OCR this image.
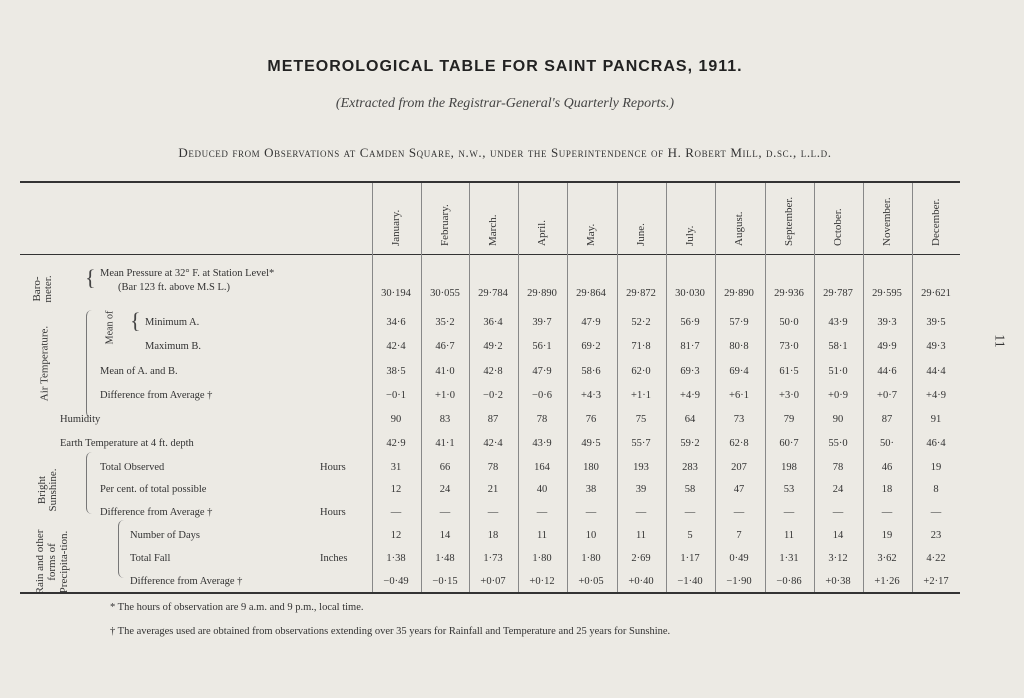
METEOROLOGICAL TABLE FOR SAINT PANCRAS, 1911.
(Extracted from the Registrar-General's Quarterly Reports.)
Deduced from Observations at Camden Square, n.w., under the Superintendence of H. Robert Mill, d.sc., l.l.d.
11
January.	February.	March.	April.	May.	June.	July.	August.	September.	October.	November.	December.
Baro-meter.
Air Temperature.	Mean of
Bright Sunshine.
Rain and other forms of Precipita-tion.
{
{
Mean Pressure at 32° F. at Station Level*
(Bar 123 ft. above M.S L.)
30·194	30·055	29·784	29·890	29·864	29·872	30·030	29·890	29·936	29·787	29·595	29·621
Minimum A.	34·6	35·2	36·4	39·7	47·9	52·2	56·9	57·9	50·0	43·9	39·3	39·5
Maximum B.	42·4	46·7	49·2	56·1	69·2	71·8	81·7	80·8	73·0	58·1	49·9	49·3
Mean of A. and B.	38·5	41·0	42·8	47·9	58·6	62·0	69·3	69·4	61·5	51·0	44·6	44·4
Difference from Average †	−0·1	+1·0	−0·2	−0·6	+4·3	+1·1	+4·9	+6·1	+3·0	+0·9	+0·7	+4·9
Humidity	90	83	87	78	76	75	64	73	79	90	87	91
Earth Temperature at 4 ft. depth	42·9	41·1	42·4	43·9	49·5	55·7	59·2	62·8	60·7	55·0	50·	46·4
Total Observed	Hours	31	66	78	164	180	193	283	207	198	78	46	19
Per cent. of total possible	12	24	21	40	38	39	58	47	53	24	18	8
Difference from Average †	Hours	—	—	—	—	—	—	—	—	—	—	—	—
Number of Days	12	14	18	11	10	11	5	7	11	14	19	23
Total Fall	Inches	1·38	1·48	1·73	1·80	1·80	2·69	1·17	0·49	1·31	3·12	3·62	4·22
Difference from Average †	−0·49	−0·15	+0·07	+0·12	+0·05	+0·40	−1·40	−1·90	−0·86	+0·38	+1·26	+2·17
* The hours of observation are 9 a.m. and 9 p.m., local time.
† The averages used are obtained from observations extending over 35 years for Rainfall and Temperature and 25 years for Sunshine.
